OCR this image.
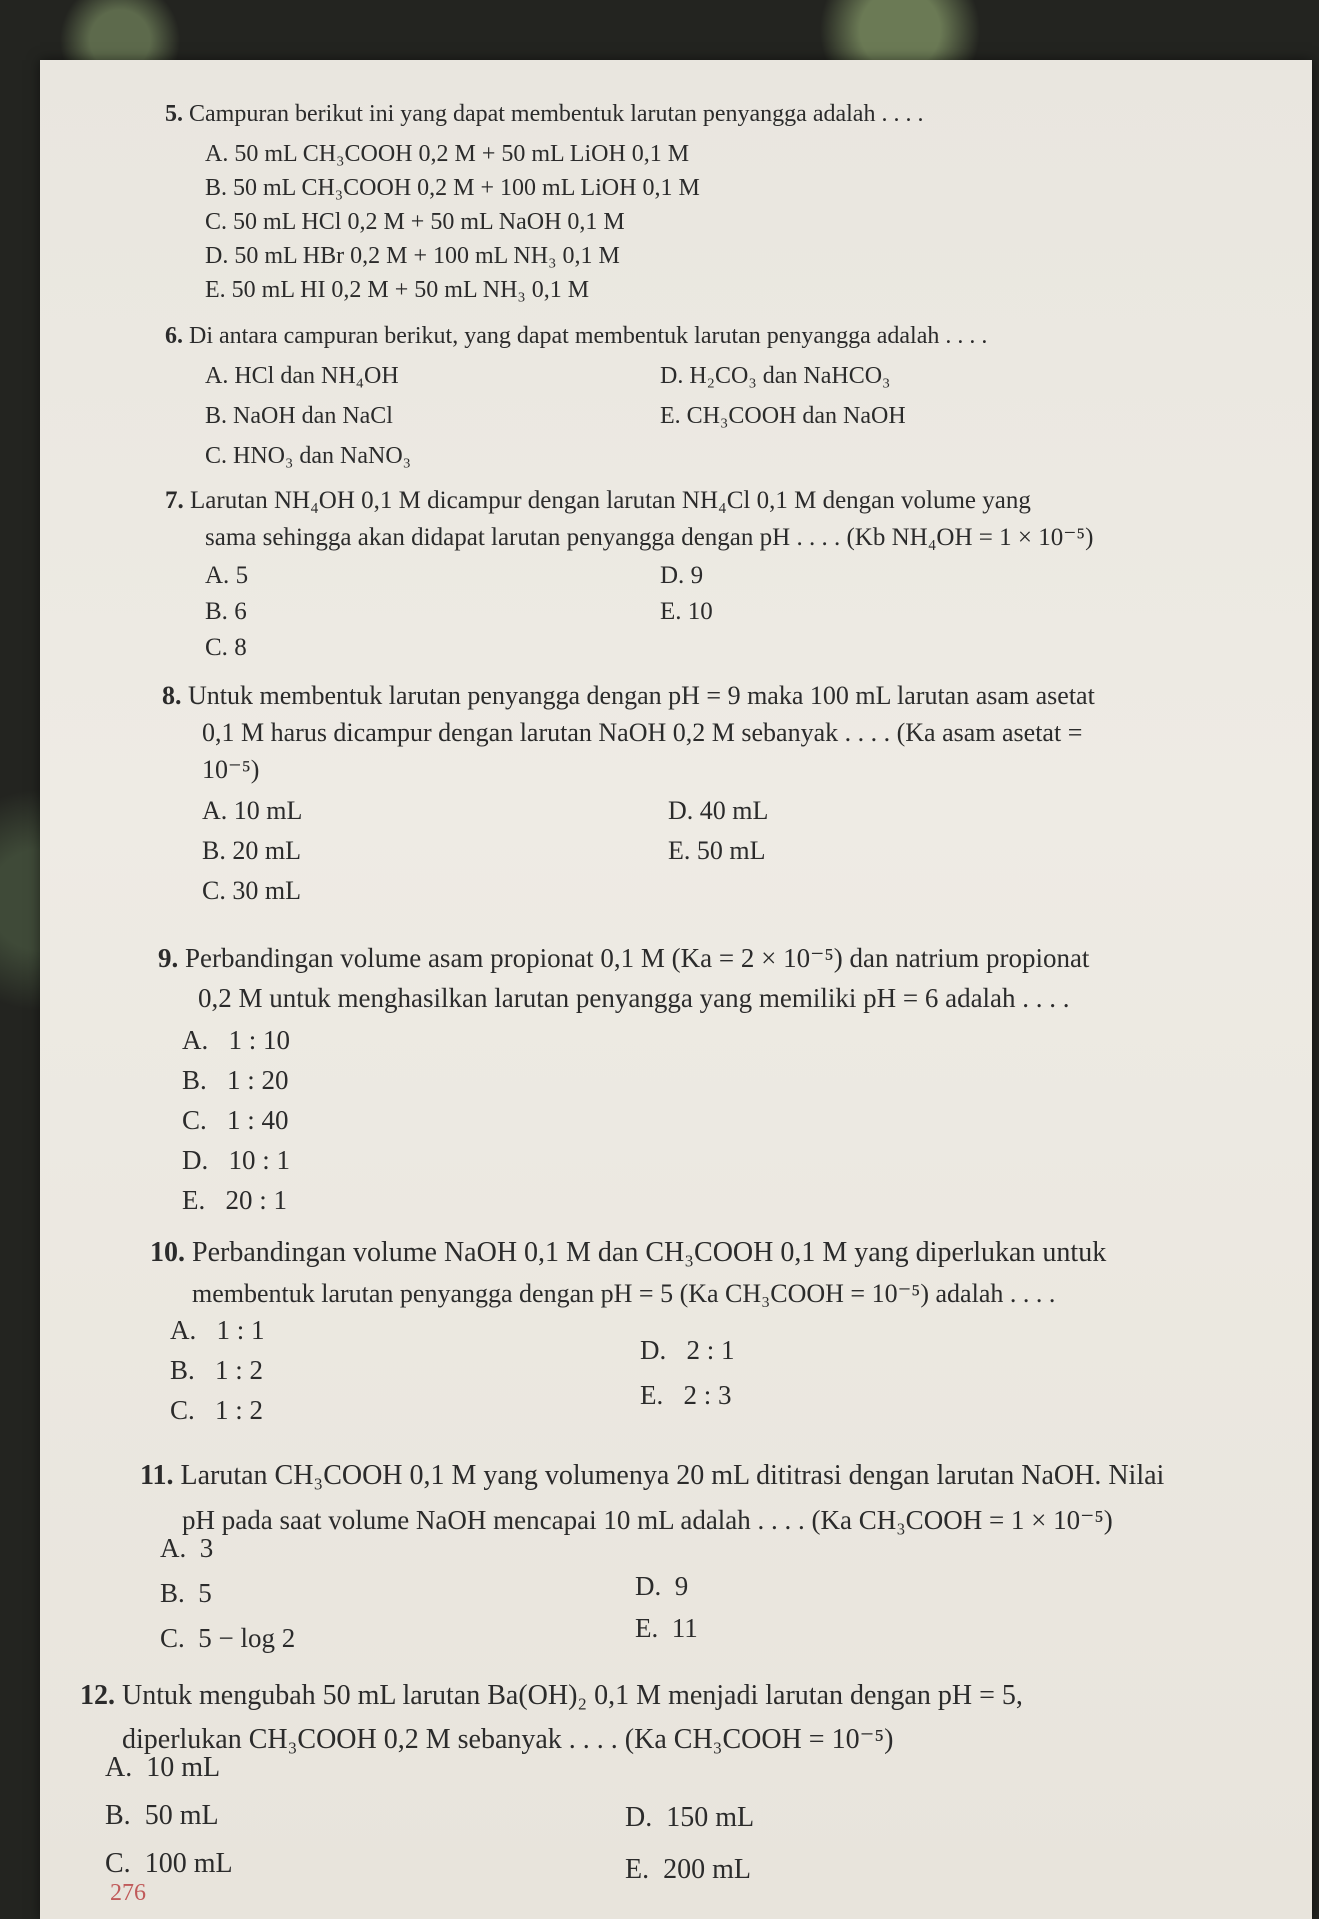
5. Campuran berikut ini yang dapat membentuk larutan penyangga adalah . . . .
A. 50 mL CH₃COOH 0,2 M + 50 mL LiOH 0,1 M
B. 50 mL CH₃COOH 0,2 M + 100 mL LiOH 0,1 M
C. 50 mL HCl 0,2 M + 50 mL NaOH 0,1 M
D. 50 mL HBr 0,2 M + 100 mL NH₃ 0,1 M
E. 50 mL HI 0,2 M + 50 mL NH₃ 0,1 M
6. Di antara campuran berikut, yang dapat membentuk larutan penyangga adalah . . . .
A. HCl dan NH₄OH
B. NaOH dan NaCl
C. HNO₃ dan NaNO₃
D. H₂CO₃ dan NaHCO₃
E. CH₃COOH dan NaOH
7. Larutan NH₄OH 0,1 M dicampur dengan larutan NH₄Cl 0,1 M dengan volume yang
sama sehingga akan didapat larutan penyangga dengan pH . . . . (Kb NH₄OH = 1 × 10⁻⁵)
A. 5
B. 6
C. 8
D. 9
E. 10
8. Untuk membentuk larutan penyangga dengan pH = 9 maka 100 mL larutan asam asetat
0,1 M harus dicampur dengan larutan NaOH 0,2 M sebanyak . . . . (Ka asam asetat =
10⁻⁵)
A. 10 mL
B. 20 mL
C. 30 mL
D. 40 mL
E. 50 mL
9. Perbandingan volume asam propionat 0,1 M (Ka = 2 × 10⁻⁵) dan natrium propionat
0,2 M untuk menghasilkan larutan penyangga yang memiliki pH = 6 adalah . . . .
A. 1 : 10
B. 1 : 20
C. 1 : 40
D. 10 : 1
E. 20 : 1
10. Perbandingan volume NaOH 0,1 M dan CH₃COOH 0,1 M yang diperlukan untuk
membentuk larutan penyangga dengan pH = 5 (Ka CH₃COOH = 10⁻⁵) adalah . . . .
A. 1 : 1
B. 1 : 2
C. 1 : 2
D. 2 : 1
E. 2 : 3
11. Larutan CH₃COOH 0,1 M yang volumenya 20 mL dititrasi dengan larutan NaOH. Nilai
pH pada saat volume NaOH mencapai 10 mL adalah . . . . (Ka CH₃COOH = 1 × 10⁻⁵)
A. 3
B. 5
C. 5 − log 2
D. 9
E. 11
12. Untuk mengubah 50 mL larutan Ba(OH)₂ 0,1 M menjadi larutan dengan pH = 5,
diperlukan CH₃COOH 0,2 M sebanyak . . . . (Ka CH₃COOH = 10⁻⁵)
A. 10 mL
B. 50 mL
C. 100 mL
D. 150 mL
E. 200 mL
276
